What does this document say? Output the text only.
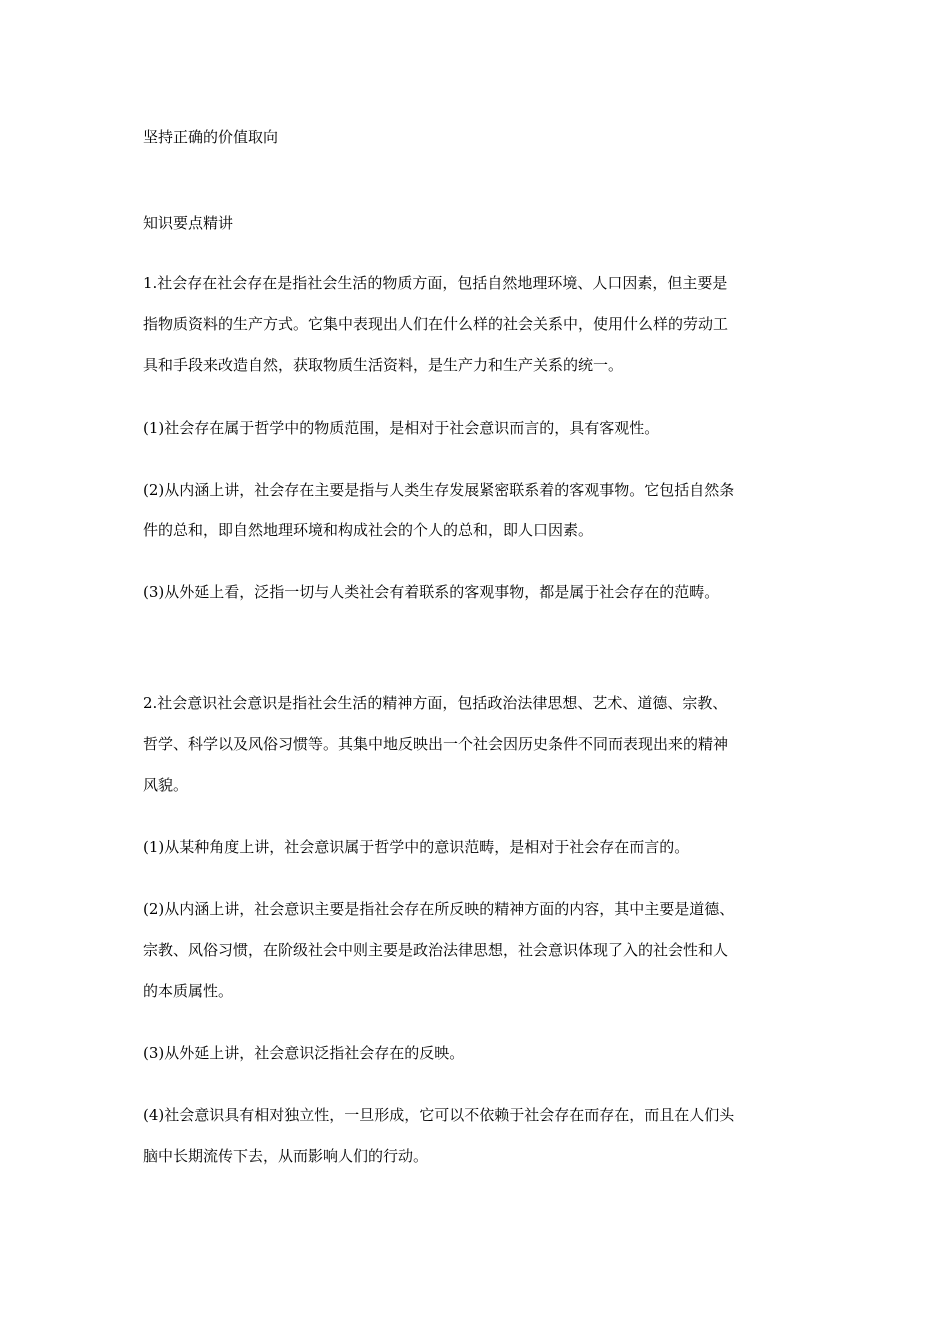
坚持正确的价值取向
知识要点精讲
1.社会存在社会存在是指社会生活的物质方面，包括自然地理环境、人口因素，但主要是
指物质资料的生产方式。它集中表现出人们在什么样的社会关系中，使用什么样的劳动工
具和手段来改造自然，获取物质生活资料，是生产力和生产关系的统一。
(1)社会存在属于哲学中的物质范围，是相对于社会意识而言的，具有客观性。
(2)从内涵上讲，社会存在主要是指与人类生存发展紧密联系着的客观事物。它包括自然条
件的总和，即自然地理环境和构成社会的个人的总和，即人口因素。
(3)从外延上看，泛指一切与人类社会有着联系的客观事物，都是属于社会存在的范畴。
2.社会意识社会意识是指社会生活的精神方面，包括政治法律思想、艺术、道德、宗教、
哲学、科学以及风俗习惯等。其集中地反映出一个社会因历史条件不同而表现出来的精神
风貌。
(1)从某种角度上讲，社会意识属于哲学中的意识范畴，是相对于社会存在而言的。
(2)从内涵上讲，社会意识主要是指社会存在所反映的精神方面的内容，其中主要是道德、
宗教、风俗习惯，在阶级社会中则主要是政治法律思想，社会意识体现了入的社会性和人
的本质属性。
(3)从外延上讲，社会意识泛指社会存在的反映。
(4)社会意识具有相对独立性，一旦形成，它可以不依赖于社会存在而存在，而且在人们头
脑中长期流传下去，从而影响人们的行动。
